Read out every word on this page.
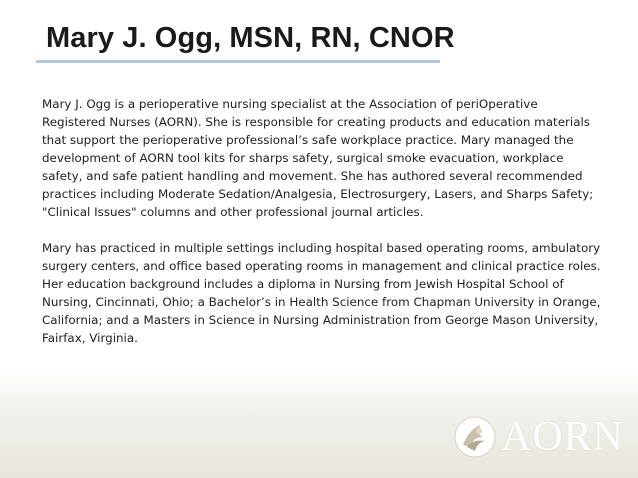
Mary J. Ogg, MSN, RN, CNOR

Mary J. Ogg is a perioperative nursing specialist at the Association of periOperative Registered Nurses (AORN). She is responsible for creating products and education materials that support the perioperative professional’s safe workplace practice. Mary managed the development of AORN tool kits for sharps safety, surgical smoke evacuation, workplace safety, and safe patient handling and movement. She has authored several recommended practices including Moderate Sedation/Analgesia, Electrosurgery, Lasers, and Sharps Safety; "Clinical Issues" columns and other professional journal articles.

Mary has practiced in multiple settings including hospital based operating rooms, ambulatory surgery centers, and office based operating rooms in management and clinical practice roles. Her education background includes a diploma in Nursing from Jewish Hospital School of Nursing, Cincinnati, Ohio; a Bachelor’s in Health Science from Chapman University in Orange, California; and a Masters in Science in Nursing Administration from George Mason University, Fairfax, Virginia.

AORN
